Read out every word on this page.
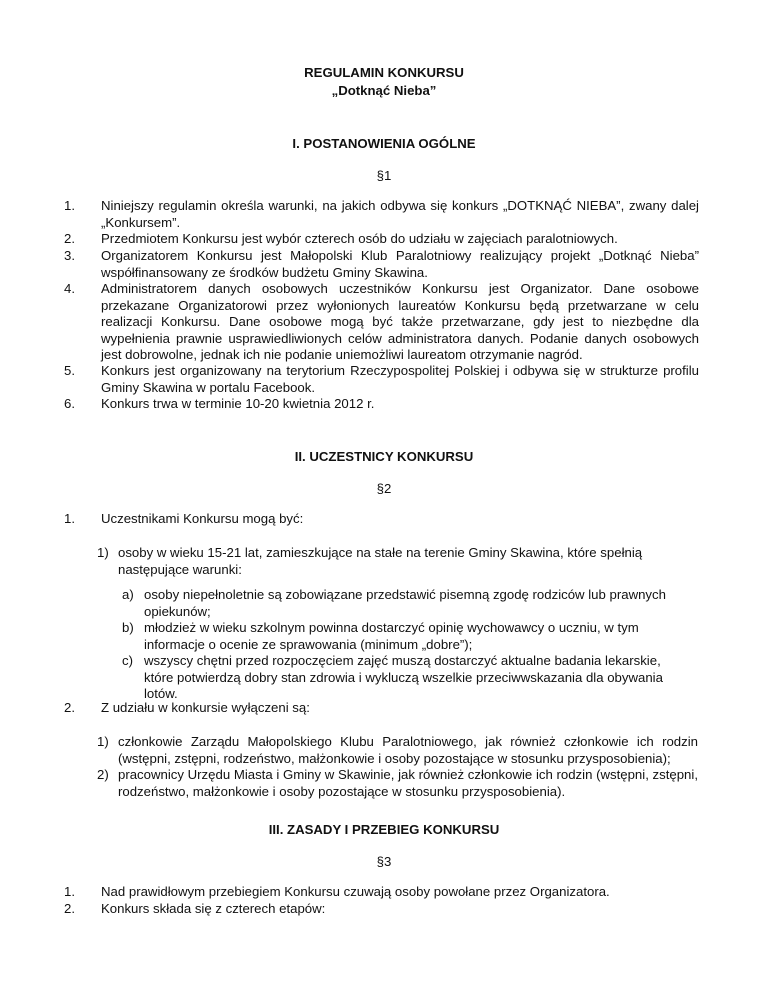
REGULAMIN KONKURSU
„Dotknąć Nieba”
I. POSTANOWIENIA OGÓLNE
§1
1. Niniejszy regulamin określa warunki, na jakich odbywa się konkurs „DOTKNĄĆ NIEBA”, zwany dalej „Konkursem”.
2. Przedmiotem Konkursu jest wybór czterech osób do udziału w zajęciach paralotniowych.
3. Organizatorem Konkursu jest Małopolski Klub Paralotniowy realizujący projekt „Dotknąć Nieba” współfinansowany ze środków budżetu Gminy Skawina.
4. Administratorem danych osobowych uczestników Konkursu jest Organizator. Dane osobowe przekazane Organizatorowi przez wyłonionych laureatów Konkursu będą przetwarzane w celu realizacji Konkursu. Dane osobowe mogą być także przetwarzane, gdy jest to niezbędne dla wypełnienia prawnie usprawiedliwionych celów administratora danych. Podanie danych osobowych jest dobrowolne, jednak ich nie podanie uniemożliwi laureatom otrzymanie nagród.
5. Konkurs jest organizowany na terytorium Rzeczypospolitej Polskiej i odbywa się w strukturze profilu Gminy Skawina w portalu Facebook.
6. Konkurs trwa w terminie 10-20 kwietnia 2012 r.
II. UCZESTNICY KONKURSU
§2
1. Uczestnikami Konkursu mogą być:
1) osoby w wieku 15-21 lat, zamieszkujące na stałe na terenie Gminy Skawina, które spełnią następujące warunki:
a) osoby niepełnoletnie są zobowiązane przedstawić pisemną zgodę rodziców lub prawnych opiekunów;
b) młodzież w wieku szkolnym powinna dostarczyć opinię wychowawcy o uczniu, w tym informacje o ocenie ze sprawowania (minimum „dobre”);
c) wszyscy chętni przed rozpoczęciem zajęć muszą dostarczyć aktualne badania lekarskie, które potwierdzą dobry stan zdrowia i wykluczą wszelkie przeciwwskazania dla obywania lotów.
2. Z udziału w konkursie wyłączeni są:
1) członkowie Zarządu Małopolskiego Klubu Paralotniowego, jak również członkowie ich rodzin (wstępni, zstępni, rodzeństwo, małżonkowie i osoby pozostające w stosunku przysposobienia);
2) pracownicy Urzędu Miasta i Gminy w Skawinie, jak również członkowie ich rodzin (wstępni, zstępni, rodzeństwo, małżonkowie i osoby pozostające w stosunku przysposobienia).
III. ZASADY I PRZEBIEG KONKURSU
§3
1. Nad prawidłowym przebiegiem Konkursu czuwają osoby powołane przez Organizatora.
2. Konkurs składa się z czterech etapów:
